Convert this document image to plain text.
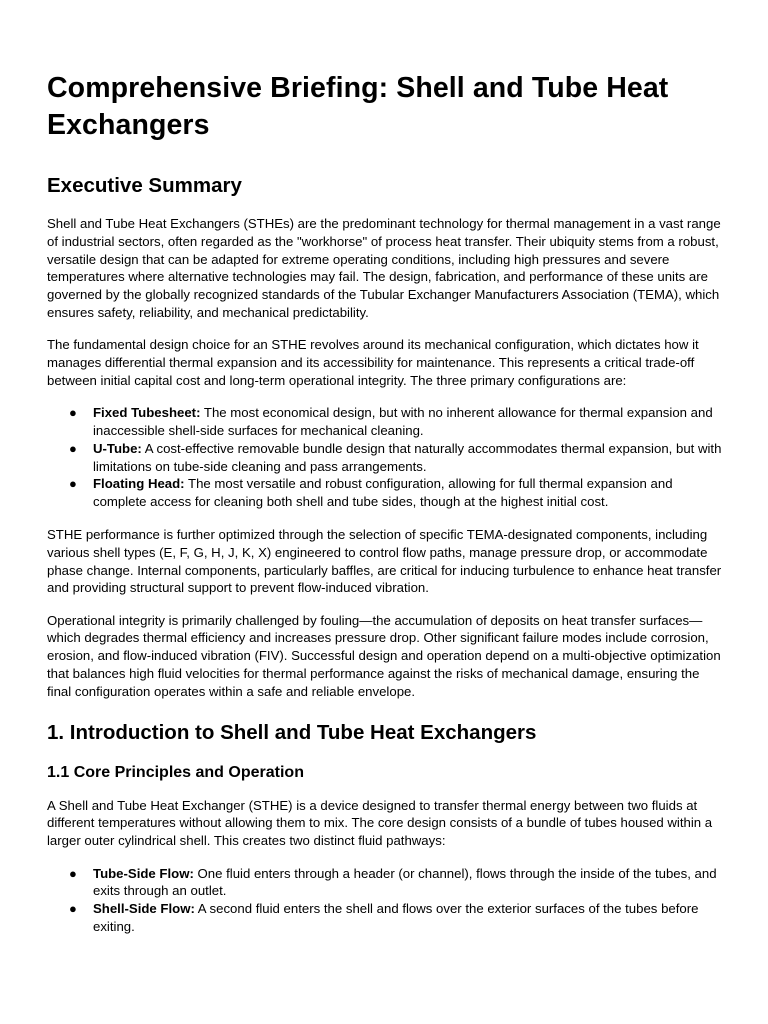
Comprehensive Briefing: Shell and Tube Heat Exchangers
Executive Summary

Shell and Tube Heat Exchangers (STHEs) are the predominant technology for thermal management in a vast range of industrial sectors, often regarded as the "workhorse" of process heat transfer. Their ubiquity stems from a robust, versatile design that can be adapted for extreme operating conditions, including high pressures and severe temperatures where alternative technologies may fail. The design, fabrication, and performance of these units are governed by the globally recognized standards of the Tubular Exchanger Manufacturers Association (TEMA), which ensures safety, reliability, and mechanical predictability.

The fundamental design choice for an STHE revolves around its mechanical configuration, which dictates how it manages differential thermal expansion and its accessibility for maintenance. This represents a critical trade-off between initial capital cost and long-term operational integrity. The three primary configurations are:

● Fixed Tubesheet: The most economical design, but with no inherent allowance for thermal expansion and inaccessible shell-side surfaces for mechanical cleaning.
● U-Tube: A cost-effective removable bundle design that naturally accommodates thermal expansion, but with limitations on tube-side cleaning and pass arrangements.
● Floating Head: The most versatile and robust configuration, allowing for full thermal expansion and complete access for cleaning both shell and tube sides, though at the highest initial cost.

STHE performance is further optimized through the selection of specific TEMA-designated components, including various shell types (E, F, G, H, J, K, X) engineered to control flow paths, manage pressure drop, or accommodate phase change. Internal components, particularly baffles, are critical for inducing turbulence to enhance heat transfer and providing structural support to prevent flow-induced vibration.

Operational integrity is primarily challenged by fouling—the accumulation of deposits on heat transfer surfaces—which degrades thermal efficiency and increases pressure drop. Other significant failure modes include corrosion, erosion, and flow-induced vibration (FIV). Successful design and operation depend on a multi-objective optimization that balances high fluid velocities for thermal performance against the risks of mechanical damage, ensuring the final configuration operates within a safe and reliable envelope.

1. Introduction to Shell and Tube Heat Exchangers
1.1 Core Principles and Operation

A Shell and Tube Heat Exchanger (STHE) is a device designed to transfer thermal energy between two fluids at different temperatures without allowing them to mix. The core design consists of a bundle of tubes housed within a larger outer cylindrical shell. This creates two distinct fluid pathways:

● Tube-Side Flow: One fluid enters through a header (or channel), flows through the inside of the tubes, and exits through an outlet.
● Shell-Side Flow: A second fluid enters the shell and flows over the exterior surfaces of the tubes before exiting.
